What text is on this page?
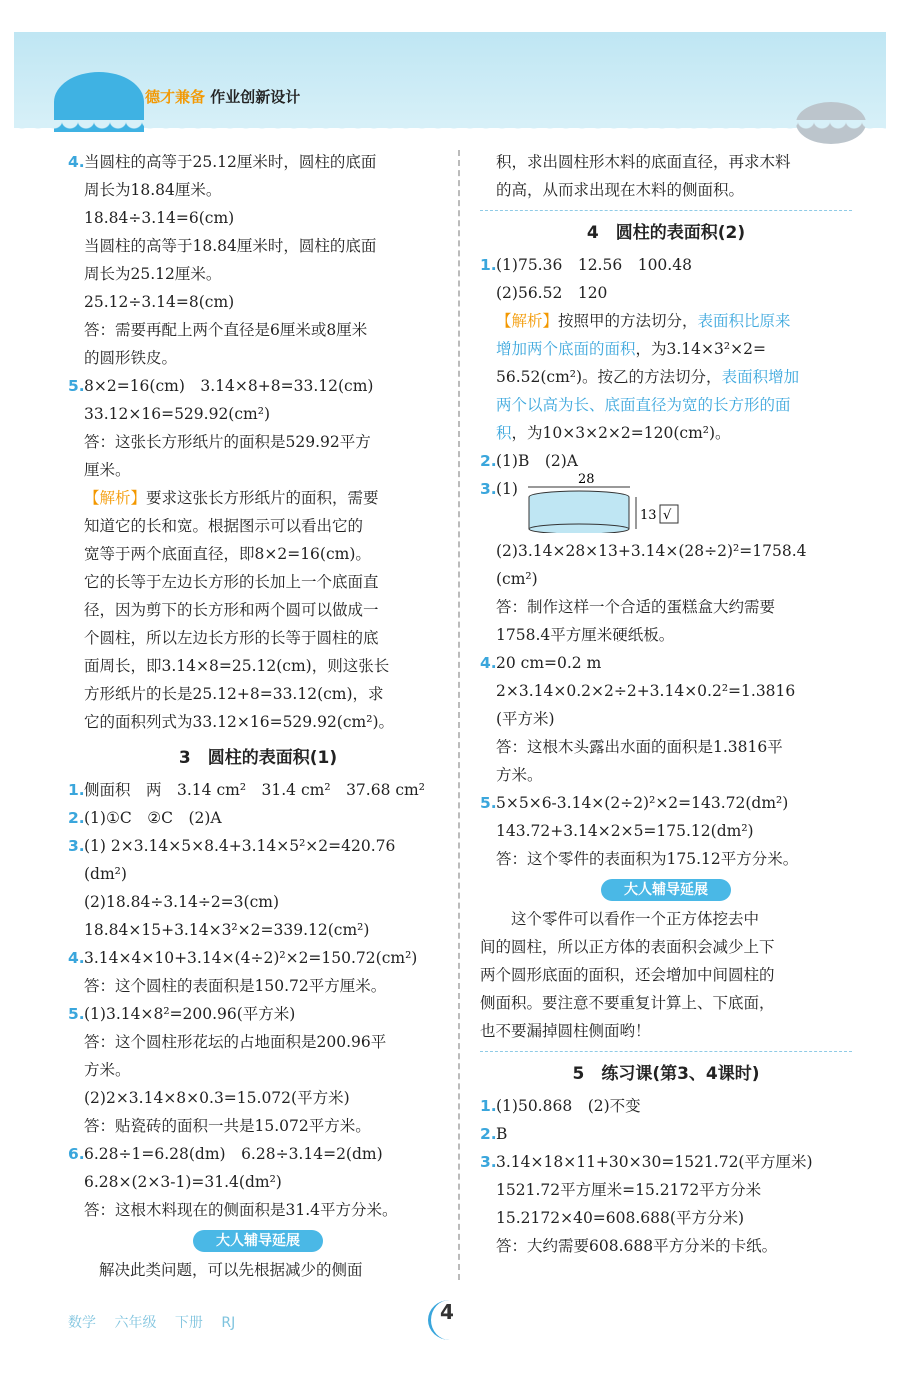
德才兼备 作业创新设计
4.当圆柱的高等于25.12厘米时，圆柱的底面
周长为18.84厘米。
18.84÷3.14=6(cm)
当圆柱的高等于18.84厘米时，圆柱的底面
周长为25.12厘米。
25.12÷3.14=8(cm)
答：需要再配上两个直径是6厘米或8厘米
的圆形铁皮。
5.8×2=16(cm)　3.14×8+8=33.12(cm)
33.12×16=529.92(cm²)
答：这张长方形纸片的面积是529.92平方
厘米。
【解析】要求这张长方形纸片的面积，需要
知道它的长和宽。根据图示可以看出它的
宽等于两个底面直径，即8×2=16(cm)。
它的长等于左边长方形的长加上一个底面直
径，因为剪下的长方形和两个圆可以做成一
个圆柱，所以左边长方形的长等于圆柱的底
面周长，即3.14×8=25.12(cm)，则这张长
方形纸片的长是25.12+8=33.12(cm)，求
它的面积列式为33.12×16=529.92(cm²)。
3　圆柱的表面积(1)
1.侧面积　两　3.14 cm²　31.4 cm²　37.68 cm²
2.(1)①C　②C　(2)A
3.(1) 2×3.14×5×8.4+3.14×5²×2=420.76
(dm²)
(2)18.84÷3.14÷2=3(cm)
18.84×15+3.14×3²×2=339.12(cm²)
4.3.14×4×10+3.14×(4÷2)²×2=150.72(cm²)
答：这个圆柱的表面积是150.72平方厘米。
5.(1)3.14×8²=200.96(平方米)
答：这个圆柱形花坛的占地面积是200.96平
方米。
(2)2×3.14×8×0.3=15.072(平方米)
答：贴瓷砖的面积一共是15.072平方米。
6.6.28÷1=6.28(dm)　6.28÷3.14=2(dm)
6.28×(2×3-1)=31.4(dm²)
答：这根木料现在的侧面积是31.4平方分米。
大人辅导延展
解决此类问题，可以先根据减少的侧面
积，求出圆柱形木料的底面直径，再求木料
的高，从而求出现在木料的侧面积。
4　圆柱的表面积(2)
1.(1)75.36　12.56　100.48
(2)56.52　120
【解析】按照甲的方法切分，表面积比原来
增加两个底面的面积，为3.14×3²×2=
56.52(cm²)。按乙的方法切分，表面积增加
两个以高为长、底面直径为宽的长方形的面
积，为10×3×2×2=120(cm²)。
2.(1)B　(2)A
3.(1)
28
13 √
(2)3.14×28×13+3.14×(28÷2)²=1758.4
(cm²)
答：制作这样一个合适的蛋糕盒大约需要
1758.4平方厘米硬纸板。
4.20 cm=0.2 m
2×3.14×0.2×2÷2+3.14×0.2²=1.3816
(平方米)
答：这根木头露出水面的面积是1.3816平
方米。
5.5×5×6-3.14×(2÷2)²×2=143.72(dm²)
143.72+3.14×2×5=175.12(dm²)
答：这个零件的表面积为175.12平方分米。
大人辅导延展
这个零件可以看作一个正方体挖去中
间的圆柱，所以正方体的表面积会减少上下
两个圆形底面的面积，还会增加中间圆柱的
侧面积。要注意不要重复计算上、下底面，
也不要漏掉圆柱侧面哟！
5　练习课(第3、4课时)
1.(1)50.868　(2)不变
2.B
3.3.14×18×11+30×30=1521.72(平方厘米)
1521.72平方厘米=15.2172平方分米
15.2172×40=608.688(平方分米)
答：大约需要608.688平方分米的卡纸。
4
数学 六年级 下册 RJ
